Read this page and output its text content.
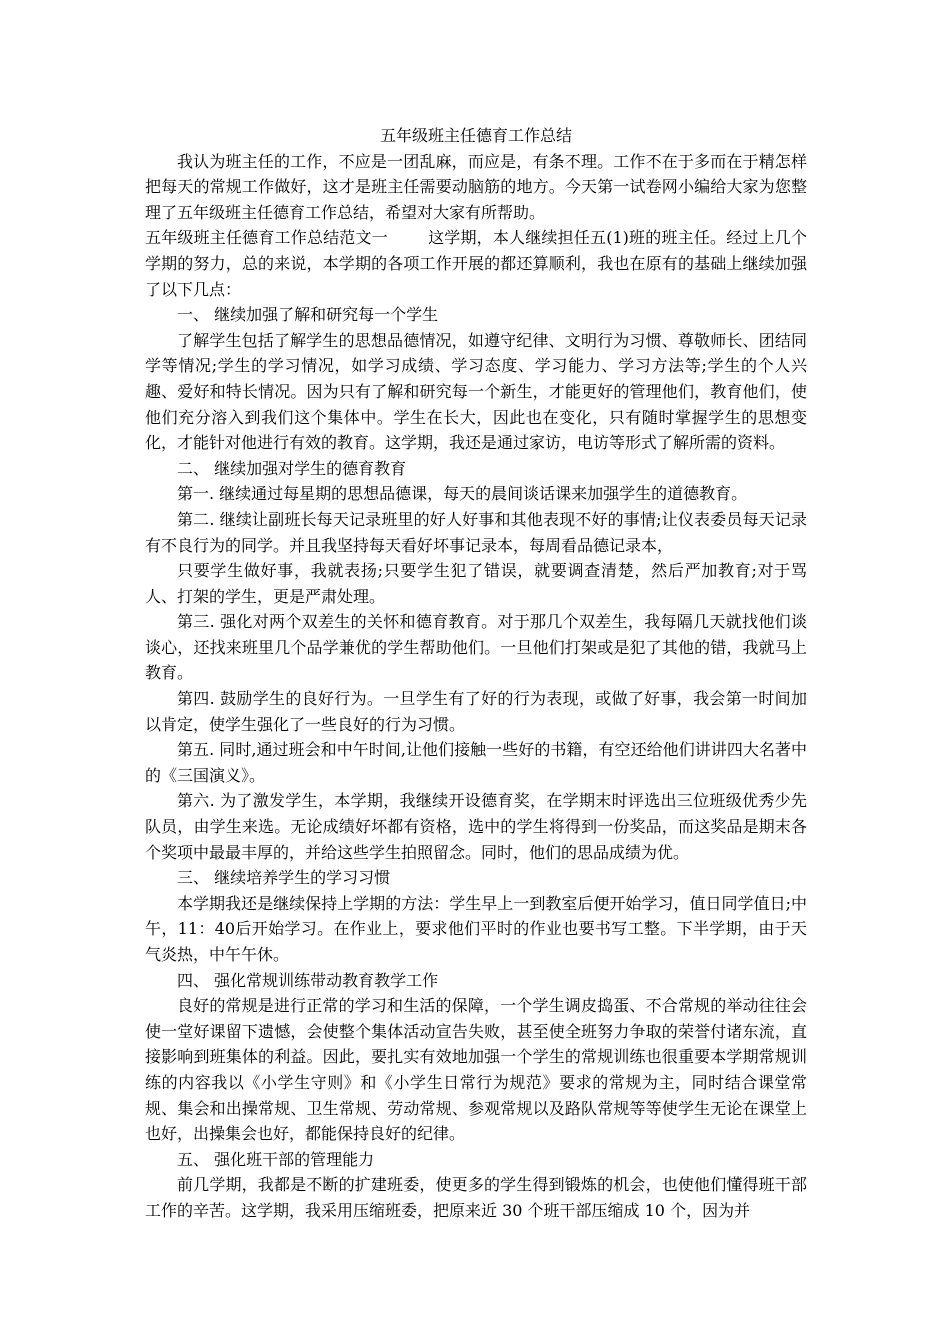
五年级班主任德育工作总结

我认为班主任的工作，不应是一团乱麻，而应是，有条不理。工作不在于多而在于精怎样把每天的常规工作做好，这才是班主任需要动脑筋的地方。今天第一试卷网小编给大家为您整理了五年级班主任德育工作总结，希望对大家有所帮助。

五年级班主任德育工作总结范文一	这学期，本人继续担任五(1)班的班主任。经过上几个学期的努力，总的来说，本学期的各项工作开展的都还算顺利，我也在原有的基础上继续加强了以下几点：

一、 继续加强了解和研究每一个学生

了解学生包括了解学生的思想品德情况，如遵守纪律、文明行为习惯、尊敬师长、团结同学等情况;学生的学习情况，如学习成绩、学习态度、学习能力、学习方法等;学生的个人兴趣、爱好和特长情况。因为只有了解和研究每一个新生，才能更好的管理他们，教育他们，使他们充分溶入到我们这个集体中。学生在长大，因此也在变化，只有随时掌握学生的思想变化，才能针对他进行有效的教育。这学期，我还是通过家访，电访等形式了解所需的资料。

二、 继续加强对学生的德育教育

第一. 继续通过每星期的思想品德课，每天的晨间谈话课来加强学生的道德教育。

第二. 继续让副班长每天记录班里的好人好事和其他表现不好的事情;让仪表委员每天记录有不良行为的同学。并且我坚持每天看好坏事记录本，每周看品德记录本，

只要学生做好事，我就表扬;只要学生犯了错误，就要调查清楚，然后严加教育;对于骂人、打架的学生，更是严肃处理。

第三. 强化对两个双差生的关怀和德育教育。对于那几个双差生，我每隔几天就找他们谈谈心，还找来班里几个品学兼优的学生帮助他们。一旦他们打架或是犯了其他的错，我就马上教育。

第四. 鼓励学生的良好行为。一旦学生有了好的行为表现，或做了好事，我会第一时间加以肯定，使学生强化了一些良好的行为习惯。

第五. 同时,通过班会和中午时间,让他们接触一些好的书籍，有空还给他们讲讲四大名著中的《三国演义》。

第六. 为了激发学生，本学期，我继续开设德育奖，在学期末时评选出三位班级优秀少先队员，由学生来选。无论成绩好坏都有资格，选中的学生将得到一份奖品，而这奖品是期末各个奖项中最最丰厚的，并给这些学生拍照留念。同时，他们的思品成绩为优。

三、 继续培养学生的学习习惯

本学期我还是继续保持上学期的方法：学生早上一到教室后便开始学习，值日同学值日;中午，11：40后开始学习。在作业上，要求他们平时的作业也要书写工整。下半学期，由于天气炎热，中午午休。

四、 强化常规训练带动教育教学工作

良好的常规是进行正常的学习和生活的保障，一个学生调皮捣蛋、不合常规的举动往往会使一堂好课留下遗憾，会使整个集体活动宣告失败，甚至使全班努力争取的荣誉付诸东流，直接影响到班集体的利益。因此，要扎实有效地加强一个学生的常规训练也很重要本学期常规训练的内容我以《小学生守则》和《小学生日常行为规范》要求的常规为主，同时结合课堂常规、集会和出操常规、卫生常规、劳动常规、参观常规以及路队常规等等使学生无论在课堂上也好，出操集会也好，都能保持良好的纪律。

五、 强化班干部的管理能力

前几学期，我都是不断的扩建班委，使更多的学生得到锻炼的机会，也使他们懂得班干部工作的辛苦。这学期，我采用压缩班委，把原来近 30 个班干部压缩成 10 个，因为并
